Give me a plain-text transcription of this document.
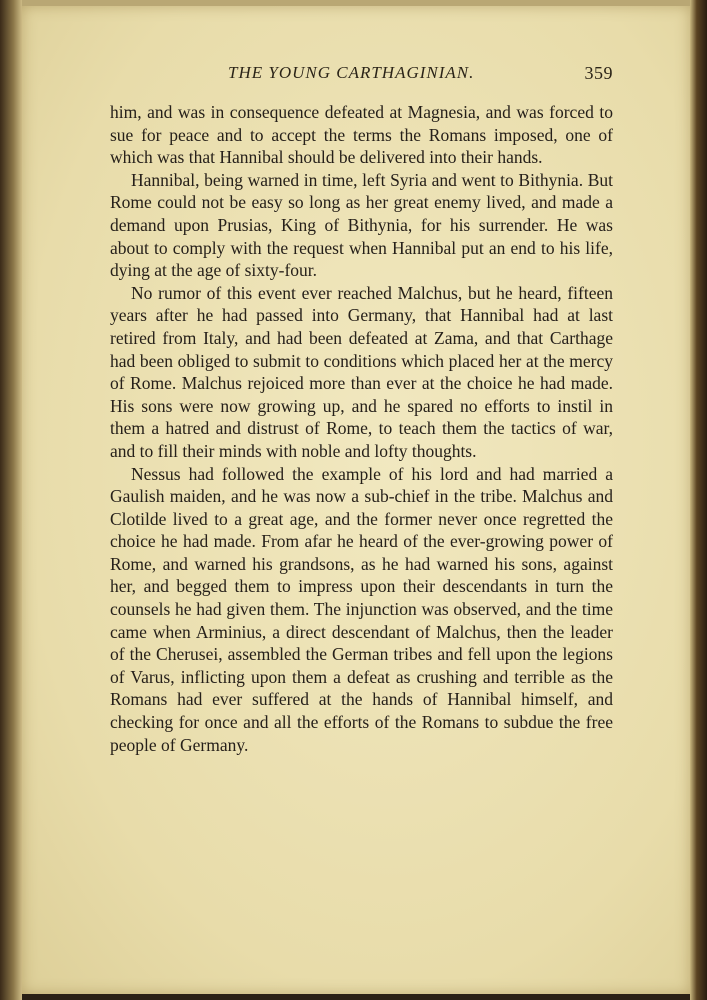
THE YOUNG CARTHAGINIAN.	359

him, and was in consequence defeated at Magnesia, and was forced to sue for peace and to accept the terms the Romans imposed, one of which was that Hannibal should be delivered into their hands.

Hannibal, being warned in time, left Syria and went to Bithynia. But Rome could not be easy so long as her great enemy lived, and made a demand upon Prusias, King of Bithynia, for his surrender. He was about to comply with the request when Hannibal put an end to his life, dying at the age of sixty-four.

No rumor of this event ever reached Malchus, but he heard, fifteen years after he had passed into Germany, that Hannibal had at last retired from Italy, and had been defeated at Zama, and that Carthage had been obliged to submit to conditions which placed her at the mercy of Rome. Malchus rejoiced more than ever at the choice he had made. His sons were now growing up, and he spared no efforts to instil in them a hatred and distrust of Rome, to teach them the tactics of war, and to fill their minds with noble and lofty thoughts.

Nessus had followed the example of his lord and had married a Gaulish maiden, and he was now a sub-chief in the tribe. Malchus and Clotilde lived to a great age, and the former never once regretted the choice he had made. From afar he heard of the ever-growing power of Rome, and warned his grandsons, as he had warned his sons, against her, and begged them to impress upon their descendants in turn the counsels he had given them. The injunction was observed, and the time came when Arminius, a direct descendant of Malchus, then the leader of the Cherusei, assembled the German tribes and fell upon the legions of Varus, inflicting upon them a defeat as crushing and terrible as the Romans had ever suffered at the hands of Hannibal himself, and checking for once and all the efforts of the Romans to subdue the free people of Germany.
